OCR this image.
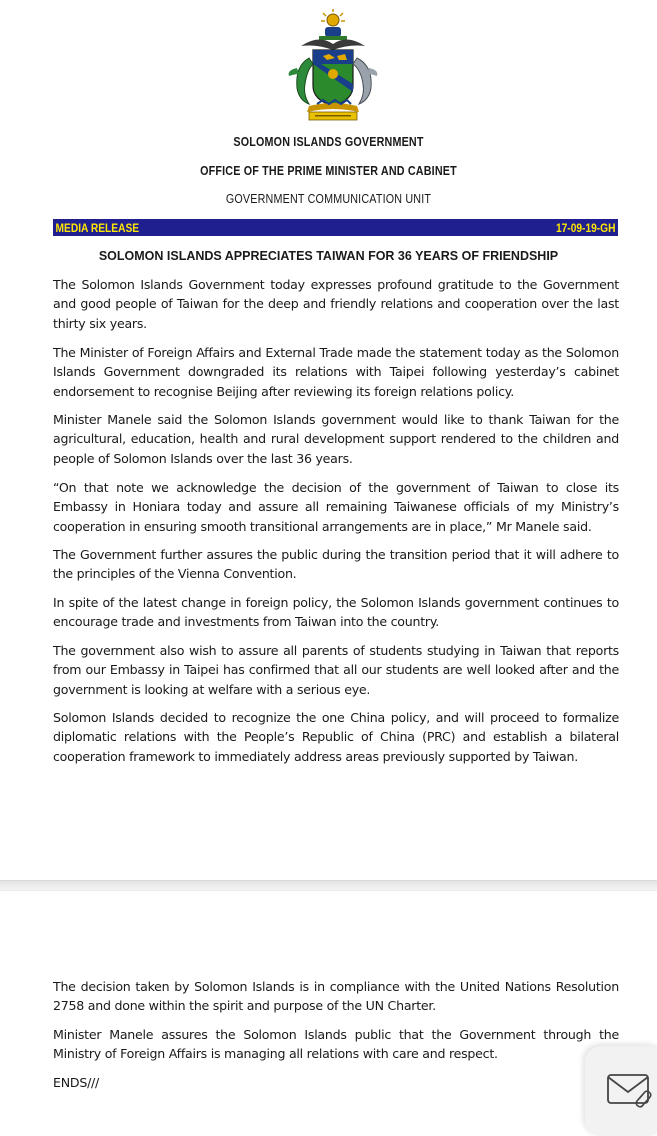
SOLOMON ISLANDS GOVERNMENT
OFFICE OF THE PRIME MINISTER AND CABINET
GOVERNMENT COMMUNICATION UNIT
MEDIA RELEASE	17-09-19-GH
SOLOMON ISLANDS APPRECIATES TAIWAN FOR 36 YEARS OF FRIENDSHIP

The Solomon Islands Government today expresses profound gratitude to the Government and good people of Taiwan for the deep and friendly relations and cooperation over the last thirty six years.

The Minister of Foreign Affairs and External Trade made the statement today as the Solomon Islands Government downgraded its relations with Taipei following yesterday’s cabinet endorsement to recognise Beijing after reviewing its foreign relations policy.

Minister Manele said the Solomon Islands government would like to thank Taiwan for the agricultural, education, health and rural development support rendered to the children and people of Solomon Islands over the last 36 years.

“On that note we acknowledge the decision of the government of Taiwan to close its Embassy in Honiara today and assure all remaining Taiwanese officials of my Ministry’s cooperation in ensuring smooth transitional arrangements are in place,” Mr Manele said.

The Government further assures the public during the transition period that it will adhere to the principles of the Vienna Convention.

In spite of the latest change in foreign policy, the Solomon Islands government continues to encourage trade and investments from Taiwan into the country.

The government also wish to assure all parents of students studying in Taiwan that reports from our Embassy in Taipei has confirmed that all our students are well looked after and the government is looking at welfare with a serious eye.

Solomon Islands decided to recognize the one China policy, and will proceed to formalize diplomatic relations with the People’s Republic of China (PRC) and establish a bilateral cooperation framework to immediately address areas previously supported by Taiwan.

The decision taken by Solomon Islands is in compliance with the United Nations Resolution 2758 and done within the spirit and purpose of the UN Charter.

Minister Manele assures the Solomon Islands public that the Government through the Ministry of Foreign Affairs is managing all relations with care and respect.

ENDS///
